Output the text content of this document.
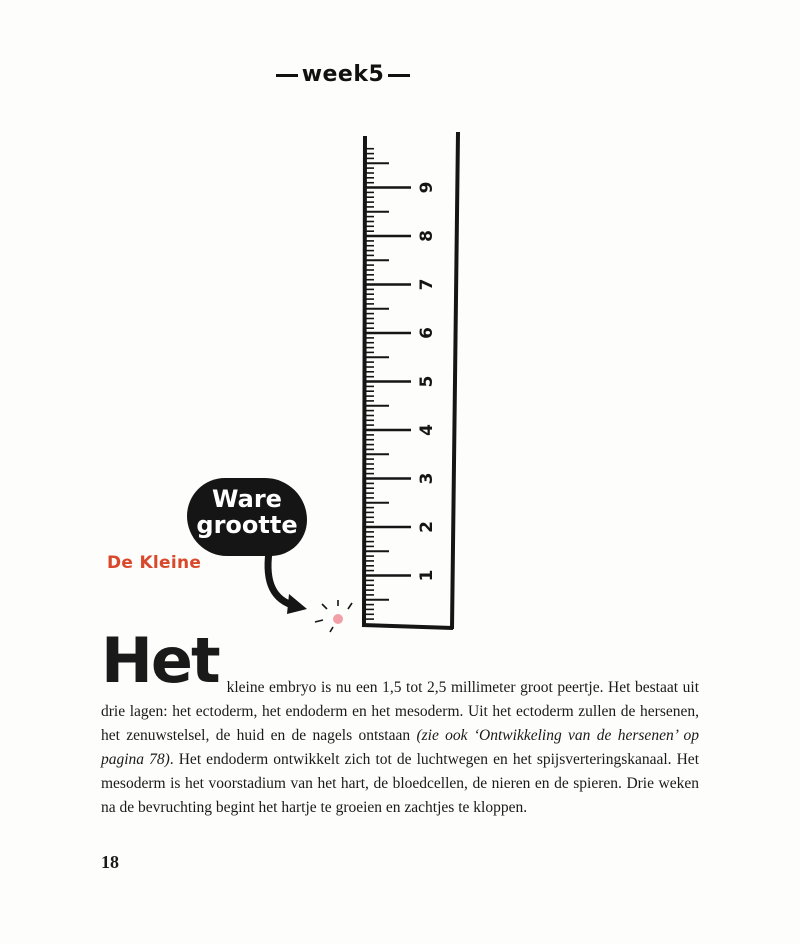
week5
1
2
3
4
5
6
7
8
9
Ware
grootte
De Kleine
Het kleine embryo is nu een 1,5 tot 2,5 millimeter groot peertje. Het bestaat uit drie lagen: het ectoderm, het endoderm en het mesoderm. Uit het ectoderm zullen de hersenen, het zenuwstelsel, de huid en de nagels ontstaan (zie ook ‘Ontwikkeling van de hersenen’ op pagina 78). Het endoderm ontwikkelt zich tot de luchtwegen en het spijsverteringskanaal. Het mesoderm is het voorstadium van het hart, de bloedcellen, de nieren en de spieren. Drie weken na de bevruchting begint het hartje te groeien en zachtjes te kloppen.
18
